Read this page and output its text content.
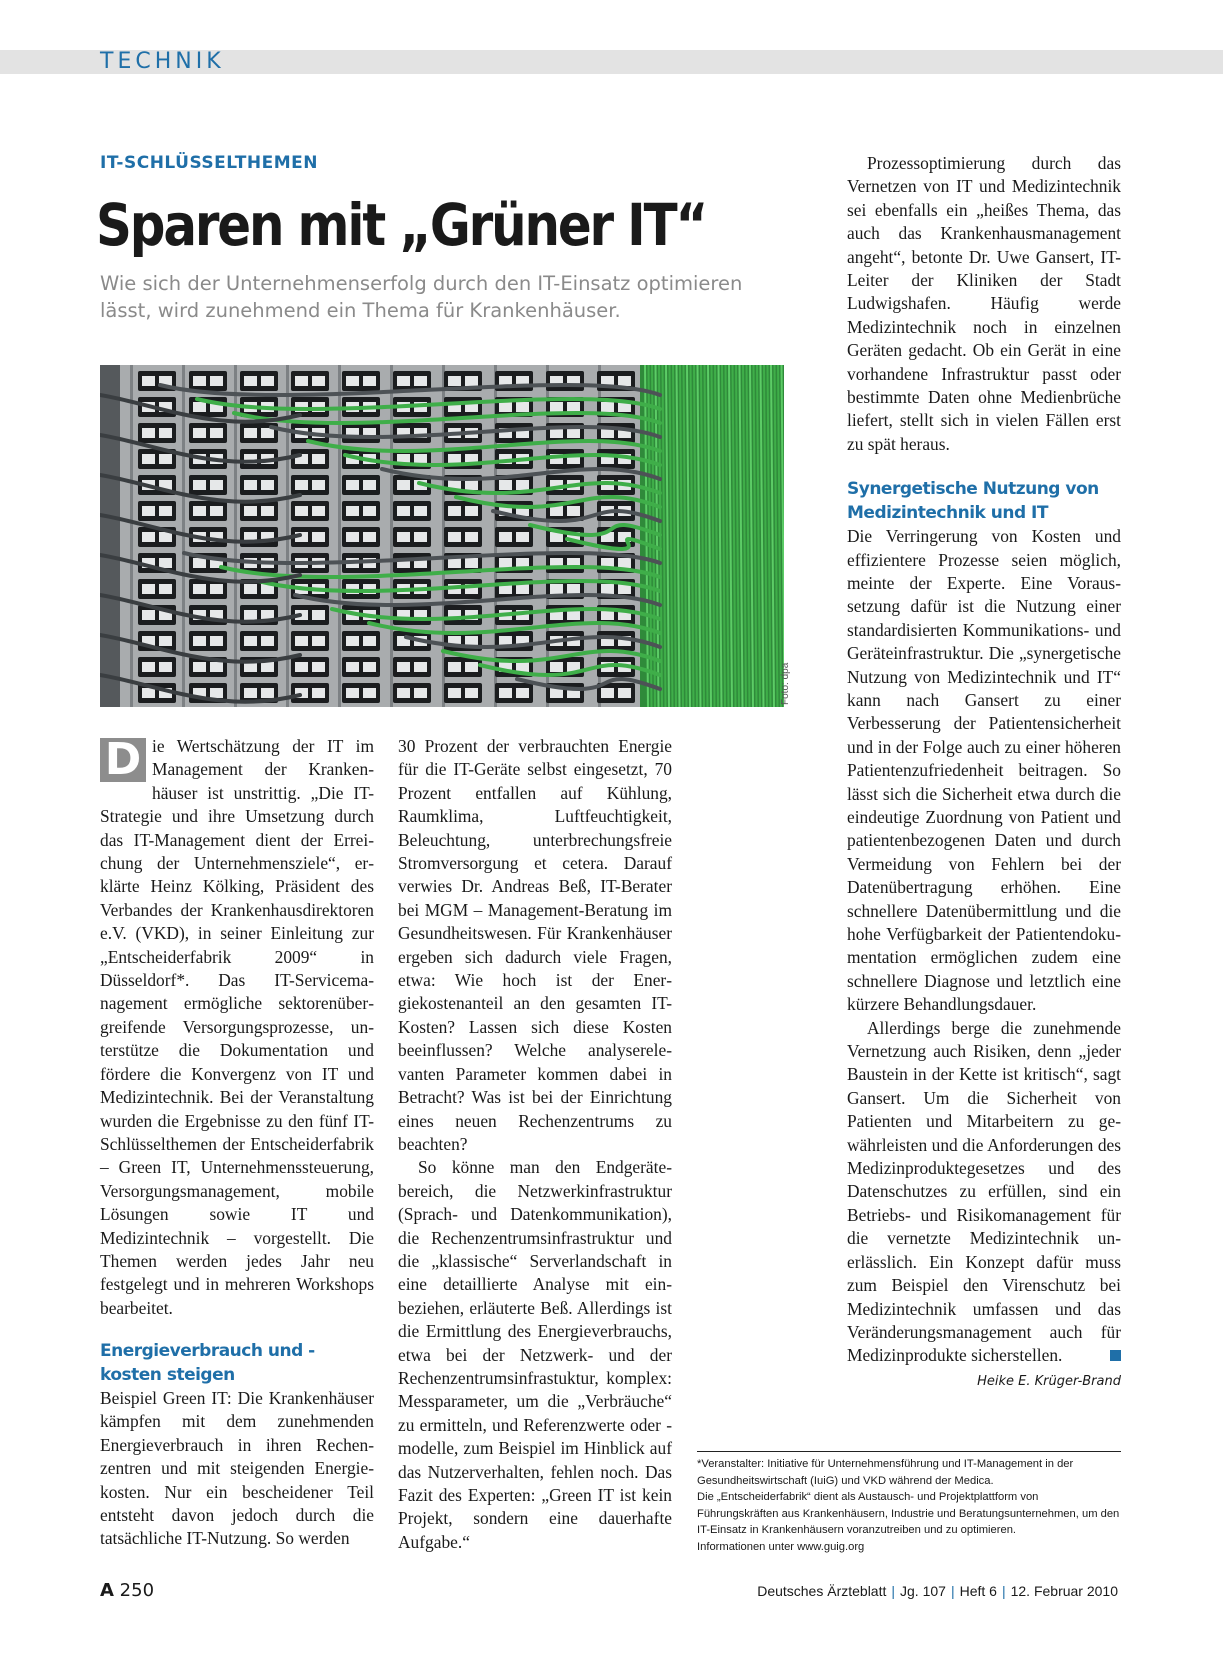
TECHNIK
IT-SCHLÜSSELTHEMEN
Sparen mit „Grüner IT“
Wie sich der Unternehmenserfolg durch den IT-Einsatz optimieren lässt, wird zunehmend ein Thema für Krankenhäuser.
Foto: dpa

D ie Wertschätzung der IT im Management der Krankenhäuser ist unstrittig. „Die IT-Strategie und ihre Umsetzung durch das IT-Management dient der Erreichung der Unternehmensziele“, erklärte Heinz Kölking, Präsident des Verbandes der Krankenhausdirektoren e.V. (VKD), in seiner Einleitung zur „Entscheiderfabrik 2009“ in Düsseldorf*. Das IT-Servicemanagement ermögliche sektorenübergreifende Versorgungsprozesse, unterstütze die Dokumentation und fördere die Konvergenz von IT und Medizintechnik. Bei der Veranstaltung wurden die Ergebnisse zu den fünf IT-Schlüsselthemen der Entscheiderfabrik – Green IT, Unternehmenssteuerung, Versorgungsmanagement, mobile Lösungen sowie IT und Medizintechnik – vorgestellt. Die Themen werden jedes Jahr neu festgelegt und in mehreren Workshops bearbeitet.

Energieverbrauch und -kosten steigen

Beispiel Green IT: Die Krankenhäuser kämpfen mit dem zunehmenden Energieverbrauch in ihren Rechenzentren und mit steigenden Energiekosten. Nur ein bescheidener Teil entsteht davon jedoch durch die tatsächliche IT-Nutzung. So werden

30 Prozent der verbrauchten Energie für die IT-Geräte selbst eingesetzt, 70 Prozent entfallen auf Kühlung, Raumklima, Luftfeuchtigkeit, Beleuchtung, unterbrechungsfreie Stromversorgung et cetera. Darauf verwies Dr. Andreas Beß, IT-Berater bei MGM – Management-Beratung im Gesundheitswesen. Für Krankenhäuser ergeben sich dadurch viele Fragen, etwa: Wie hoch ist der Energiekostenanteil an den gesamten IT-Kosten? Lassen sich diese Kosten beeinflussen? Welche analyserelevanten Parameter kommen dabei in Betracht? Was ist bei der Einrichtung eines neuen Rechenzentrums zu beachten?

So könne man den Endgerätebereich, die Netzwerkinfrastruktur (Sprach- und Datenkommunikation), die Rechenzentrumsinfrastruktur und die „klassische“ Serverlandschaft in eine detaillierte Analyse mit einbeziehen, erläuterte Beß. Allerdings ist die Ermittlung des Energieverbrauchs, etwa bei der Netzwerk- und der Rechenzentrumsinfrastuktur, komplex: Messparameter, um die „Verbräuche“ zu ermitteln, und Referenzwerte oder -modelle, zum Beispiel im Hinblick auf das Nutzerverhalten, fehlen noch. Das Fazit des Experten: „Green IT ist kein Projekt, sondern eine dauerhafte Aufgabe.“

Prozessoptimierung durch das Vernetzen von IT und Medizintechnik sei ebenfalls ein „heißes Thema, das auch das Krankenhausmanagement angeht“, betonte Dr. Uwe Gansert, IT-Leiter der Kliniken der Stadt Ludwigshafen. Häufig werde Medizintechnik noch in einzelnen Geräten gedacht. Ob ein Gerät in eine vorhandene Infrastruktur passt oder bestimmte Daten ohne Medienbrüche liefert, stellt sich in vielen Fällen erst zu spät heraus.

Synergetische Nutzung von Medizintechnik und IT

Die Verringerung von Kosten und effizientere Prozesse seien möglich, meinte der Experte. Eine Voraussetzung dafür ist die Nutzung einer standardisierten Kommunikations- und Geräteinfrastruktur. Die „synergetische Nutzung von Medizintechnik und IT“ kann nach Gansert zu einer Verbesserung der Patientensicherheit und in der Folge auch zu einer höheren Patientenzufriedenheit beitragen. So lässt sich die Sicherheit etwa durch die eindeutige Zuordnung von Patient und patientenbezogenen Daten und durch Vermeidung von Fehlern bei der Datenübertragung erhöhen. Eine schnellere Datenübermittlung und die hohe Verfügbarkeit der Patientendokumentation ermöglichen zudem eine schnellere Diagnose und letztlich eine kürzere Behandlungsdauer.

Allerdings berge die zunehmende Vernetzung auch Risiken, denn „jeder Baustein in der Kette ist kritisch“, sagt Gansert. Um die Sicherheit von Patienten und Mitarbeitern zu gewährleisten und die Anforderungen des Medizinproduktegesetzes und des Datenschutzes zu erfüllen, sind ein Betriebs- und Risikomanagement für die vernetzte Medizintechnik unerlässlich. Ein Konzept dafür muss zum Beispiel den Virenschutz bei Medizintechnik umfassen und das Veränderungsmanagement auch für Medizinprodukte sicherstellen.

Heike E. Krüger-Brand

*Veranstalter: Initiative für Unternehmensführung und IT-Management in der Gesundheitswirtschaft (IuiG) und VKD während der Medica.

Die „Entscheiderfabrik“ dient als Austausch- und Projektplattform von Führungskräften aus Krankenhäusern, Industrie und Beratungsunternehmen, um den IT-Einsatz in Krankenhäusern voranzutreiben und zu optimieren.

Informationen unter www.guig.org

A 250	Deutsches Ärzteblatt | Jg. 107 | Heft 6 | 12. Februar 2010
